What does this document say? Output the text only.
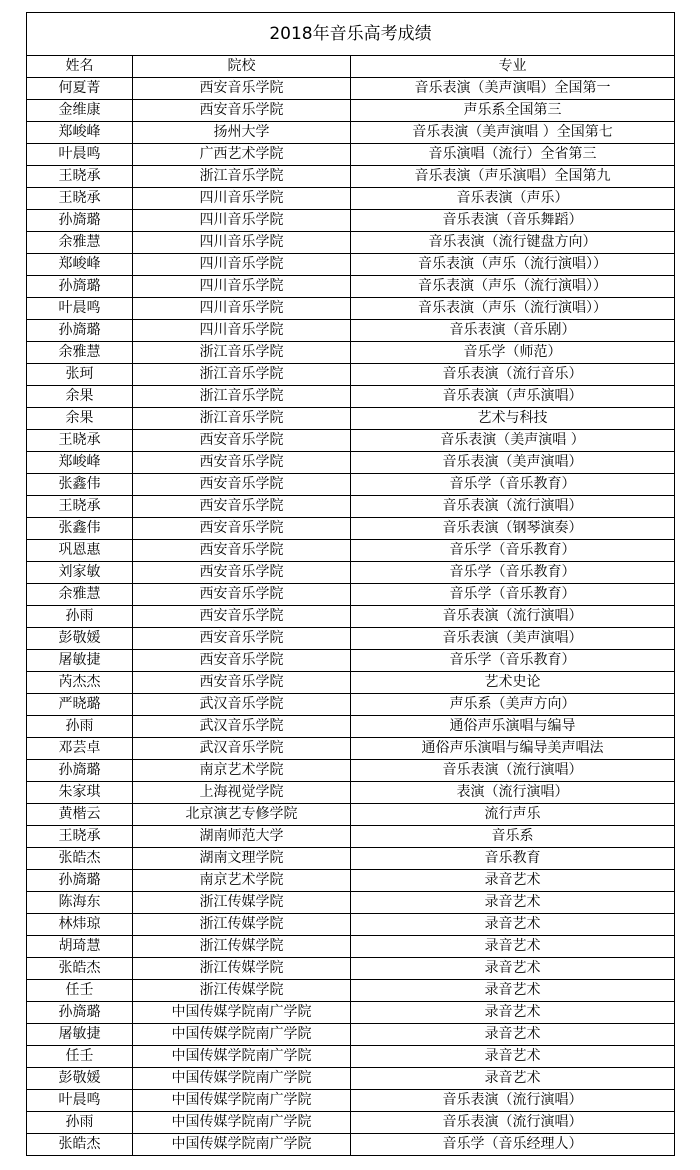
2018年音乐高考成绩		
姓名	院校	专业
何夏菁	西安音乐学院	音乐表演（美声演唱）全国第一
金维康	西安音乐学院	声乐系全国第三
郑峻峰	扬州大学	音乐表演（美声演唱 ）全国第七
叶晨鸣	广西艺术学院	音乐演唱（流行）全省第三
王晓承	浙江音乐学院	音乐表演（声乐演唱）全国第九
王晓承	四川音乐学院	音乐表演（声乐）
孙旖璐	四川音乐学院	音乐表演（音乐舞蹈）
余雅慧	四川音乐学院	音乐表演（流行键盘方向）
郑峻峰	四川音乐学院	音乐表演（声乐（流行演唱））
孙旖璐	四川音乐学院	音乐表演（声乐（流行演唱））
叶晨鸣	四川音乐学院	音乐表演（声乐（流行演唱））
孙旖璐	四川音乐学院	音乐表演（音乐剧）
余雅慧	浙江音乐学院	音乐学（师范）
张珂	浙江音乐学院	音乐表演（流行音乐）
余果	浙江音乐学院	音乐表演（声乐演唱）
余果	浙江音乐学院	艺术与科技
王晓承	西安音乐学院	音乐表演（美声演唱 ）
郑峻峰	西安音乐学院	音乐表演（美声演唱）
张鑫伟	西安音乐学院	音乐学（音乐教育）
王晓承	西安音乐学院	音乐表演（流行演唱）
张鑫伟	西安音乐学院	音乐表演（钢琴演奏）
巩恩惠	西安音乐学院	音乐学（音乐教育）
刘家敏	西安音乐学院	音乐学（音乐教育）
余雅慧	西安音乐学院	音乐学（音乐教育）
孙雨	西安音乐学院	音乐表演（流行演唱）
彭敬媛	西安音乐学院	音乐表演（美声演唱）
屠敏捷	西安音乐学院	音乐学（音乐教育）
芮杰杰	西安音乐学院	艺术史论
严晓璐	武汉音乐学院	声乐系（美声方向）
孙雨	武汉音乐学院	通俗声乐演唱与编导
邓芸卓	武汉音乐学院	通俗声乐演唱与编导美声唱法
孙旖璐	南京艺术学院	音乐表演（流行演唱）
朱家琪	上海视觉学院	表演（流行演唱）
黄楷云	北京演艺专修学院	流行声乐
王晓承	湖南师范大学	音乐系
张皓杰	湖南文理学院	音乐教育
孙旖璐	南京艺术学院	录音艺术
陈海东	浙江传媒学院	录音艺术
林炜琼	浙江传媒学院	录音艺术
胡琦慧	浙江传媒学院	录音艺术
张皓杰	浙江传媒学院	录音艺术
任壬	浙江传媒学院	录音艺术
孙旖璐	中国传媒学院南广学院	录音艺术
屠敏捷	中国传媒学院南广学院	录音艺术
任壬	中国传媒学院南广学院	录音艺术
彭敬媛	中国传媒学院南广学院	录音艺术
叶晨鸣	中国传媒学院南广学院	音乐表演（流行演唱）
孙雨	中国传媒学院南广学院	音乐表演（流行演唱）
张皓杰	中国传媒学院南广学院	音乐学（音乐经理人）
